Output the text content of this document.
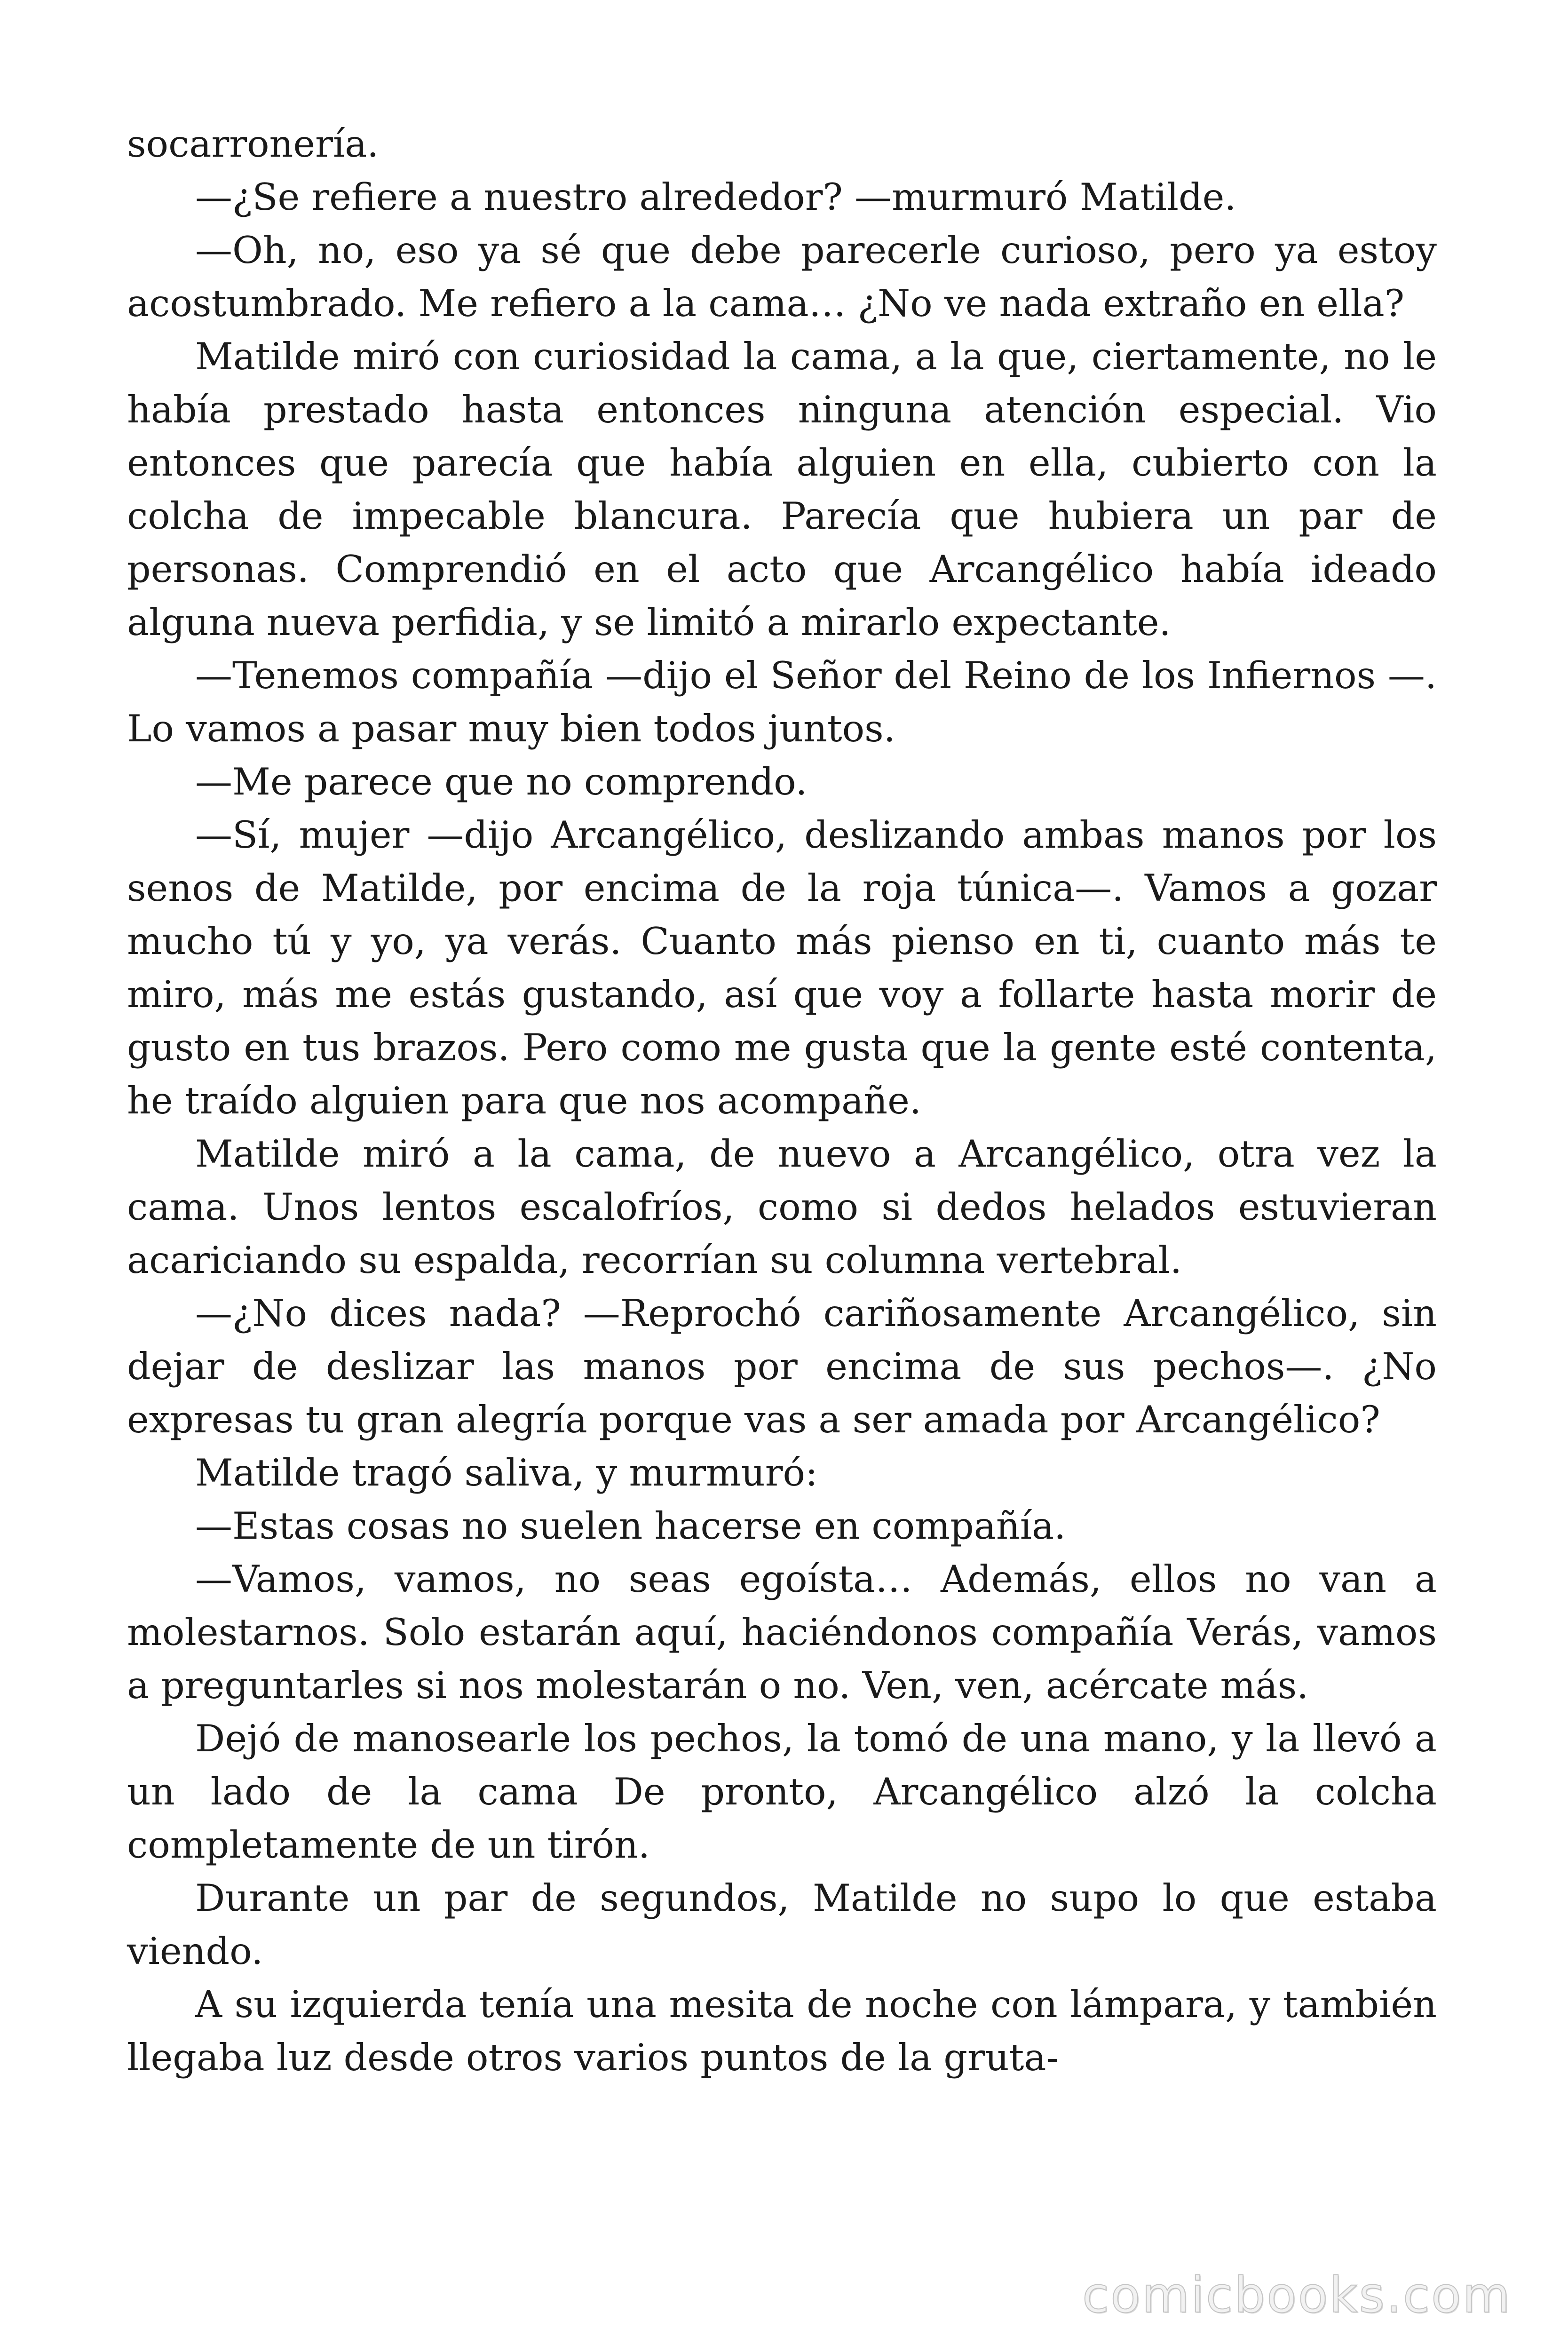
socarronería.

—¿Se refiere a nuestro alrededor? —murmuró Matilde.

—Oh, no, eso ya sé que debe parecerle curioso, pero ya estoy acostumbrado. Me refiero a la cama… ¿No ve nada extraño en ella?

Matilde miró con curiosidad la cama, a la que, ciertamente, no le había prestado hasta entonces ninguna atención especial. Vio entonces que parecía que había alguien en ella, cubierto con la colcha de impecable blancura. Parecía que hubiera un par de personas. Comprendió en el acto que Arcangélico había ideado alguna nueva perfidia, y se limitó a mirarlo expectante.

—Tenemos compañía —dijo el Señor del Reino de los Infiernos —. Lo vamos a pasar muy bien todos juntos.

—Me parece que no comprendo.

—Sí, mujer —dijo Arcangélico, deslizando ambas manos por los senos de Matilde, por encima de la roja túnica—. Vamos a gozar mucho tú y yo, ya verás. Cuanto más pienso en ti, cuanto más te miro, más me estás gustando, así que voy a follarte hasta morir de gusto en tus brazos. Pero como me gusta que la gente esté contenta, he traído alguien para que nos acompañe.

Matilde miró a la cama, de nuevo a Arcangélico, otra vez la cama. Unos lentos escalofríos, como si dedos helados estuvieran acariciando su espalda, recorrían su columna vertebral.

—¿No dices nada? —Reprochó cariñosamente Arcangélico, sin dejar de deslizar las manos por encima de sus pechos—. ¿No expresas tu gran alegría porque vas a ser amada por Arcangélico?

Matilde tragó saliva, y murmuró:

—Estas cosas no suelen hacerse en compañía.

—Vamos, vamos, no seas egoísta… Además, ellos no van a molestarnos. Solo estarán aquí, haciéndonos compañía Verás, vamos a preguntarles si nos molestarán o no. Ven, ven, acércate más.

Dejó de manosearle los pechos, la tomó de una mano, y la llevó a un lado de la cama De pronto, Arcangélico alzó la colcha completamente de un tirón.

Durante un par de segundos, Matilde no supo lo que estaba viendo.

A su izquierda tenía una mesita de noche con lámpara, y también llegaba luz desde otros varios puntos de la gruta-

comicbooks.com
